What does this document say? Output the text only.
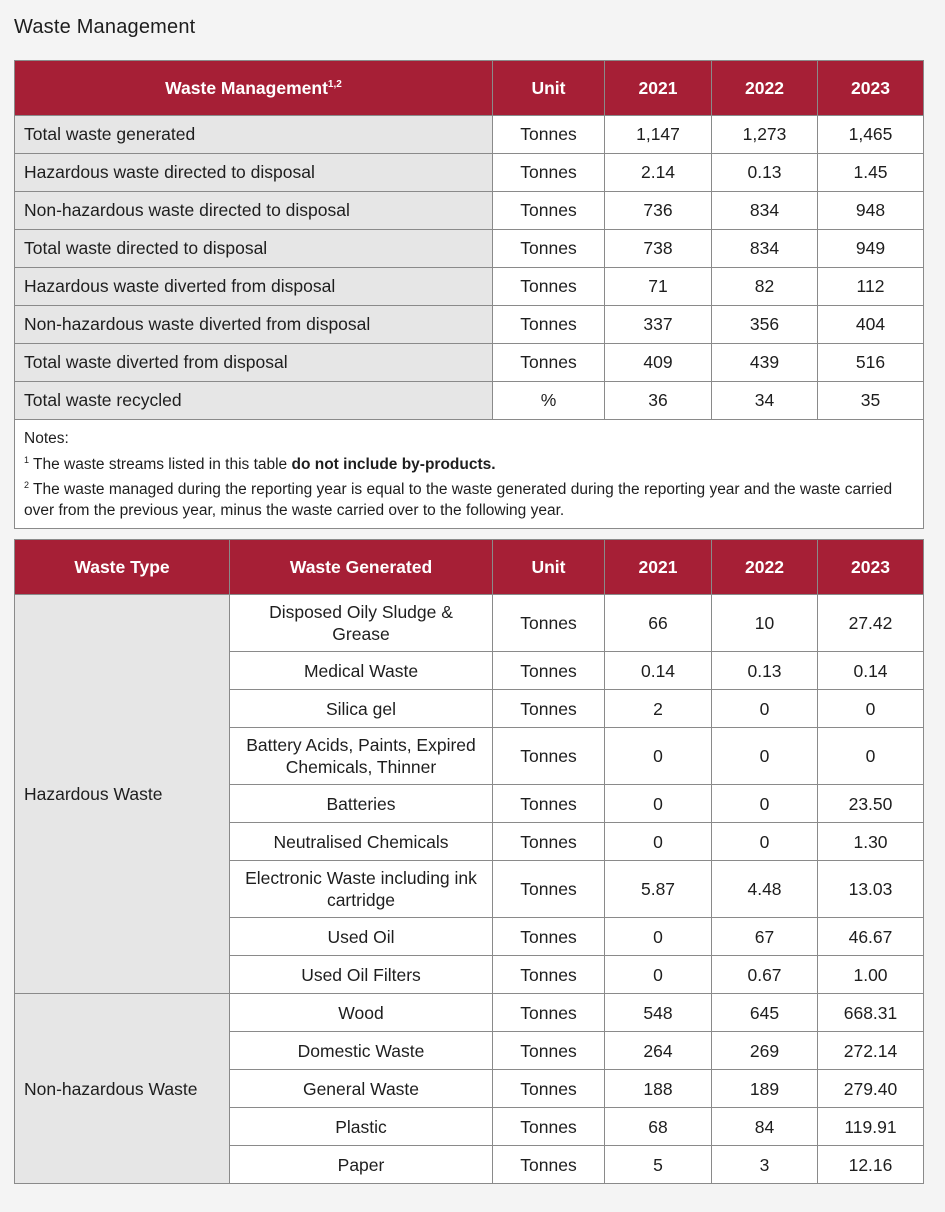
Waste Management
Waste Management$^{1,2}$	Unit	2021	2022	2023
Total waste generated	Tonnes	1,147	1,273	1,465
Hazardous waste directed to disposal	Tonnes	2.14	0.13	1.45
Non-hazardous waste directed to disposal	Tonnes	736	834	948
Total waste directed to disposal	Tonnes	738	834	949
Hazardous waste diverted from disposal	Tonnes	71	82	112
Non-hazardous waste diverted from disposal	Tonnes	337	356	404
Total waste diverted from disposal	Tonnes	409	439	516
Total waste recycled	%	36	34	35

Notes:
$^1$ The waste streams listed in this table do not include by-products.
$^2$ The waste managed during the reporting year is equal to the waste generated during the reporting year and the waste carried over from the previous year, minus the waste carried over to the following year.				
Waste Type	Waste Generated	Unit	2021	2022	2023
Hazardous Waste	Disposed Oily Sludge & Grease	Tonnes	66	10	27.42
	Medical Waste	Tonnes	0.14	0.13	0.14
	Silica gel	Tonnes	2	0	0
	Battery Acids, Paints, Expired Chemicals, Thinner	Tonnes	0	0	0
	Batteries	Tonnes	0	0	23.50
	Neutralised Chemicals	Tonnes	0	0	1.30
	Electronic Waste including ink cartridge	Tonnes	5.87	4.48	13.03
	Used Oil	Tonnes	0	67	46.67
	Used Oil Filters	Tonnes	0	0.67	1.00
Non-hazardous Waste	Wood	Tonnes	548	645	668.31
	Domestic Waste	Tonnes	264	269	272.14
	General Waste	Tonnes	188	189	279.40
	Plastic	Tonnes	68	84	119.91
	Paper	Tonnes	5	3	12.16
